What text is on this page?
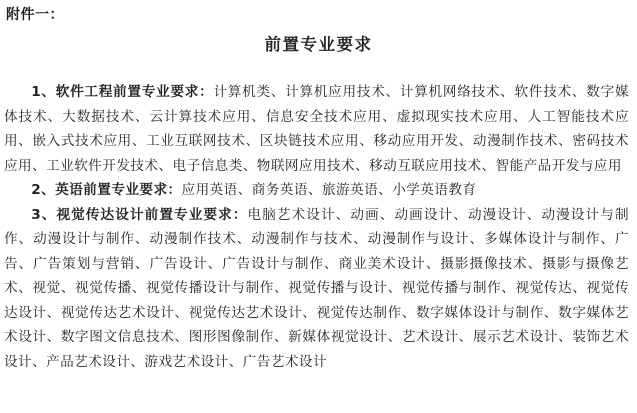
附件一：
前置专业要求

1、软件工程前置专业要求：计算机类、计算机应用技术、计算机网络技术、软件技术、数字媒体技术、大数据技术、云计算技术应用、信息安全技术应用、虚拟现实技术应用、人工智能技术应用、嵌入式技术应用、工业互联网技术、区块链技术应用、移动应用开发、动漫制作技术、密码技术应用、工业软件开发技术、电子信息类、物联网应用技术、移动互联应用技术、智能产品开发与应用

2、英语前置专业要求：应用英语、商务英语、旅游英语、小学英语教育

3、视觉传达设计前置专业要求：电脑艺术设计、动画、动画设计、动漫设计、动漫设计与制作、动漫设计与制作、动漫制作技术、动漫制作与技术、动漫制作与设计、多媒体设计与制作、广告、广告策划与营销、广告设计、广告设计与制作、商业美术设计、摄影摄像技术、摄影与摄像艺术、视觉、视觉传播、视觉传播设计与制作、视觉传播与设计、视觉传播与制作、视觉传达、视觉传达设计、视觉传达艺术设计、视觉传达艺术设计、视觉传达制作、数字媒体设计与制作、数字媒体艺术设计、数字图文信息技术、图形图像制作、新媒体视觉设计、艺术设计、展示艺术设计、装饰艺术设计、产品艺术设计、游戏艺术设计、广告艺术设计
